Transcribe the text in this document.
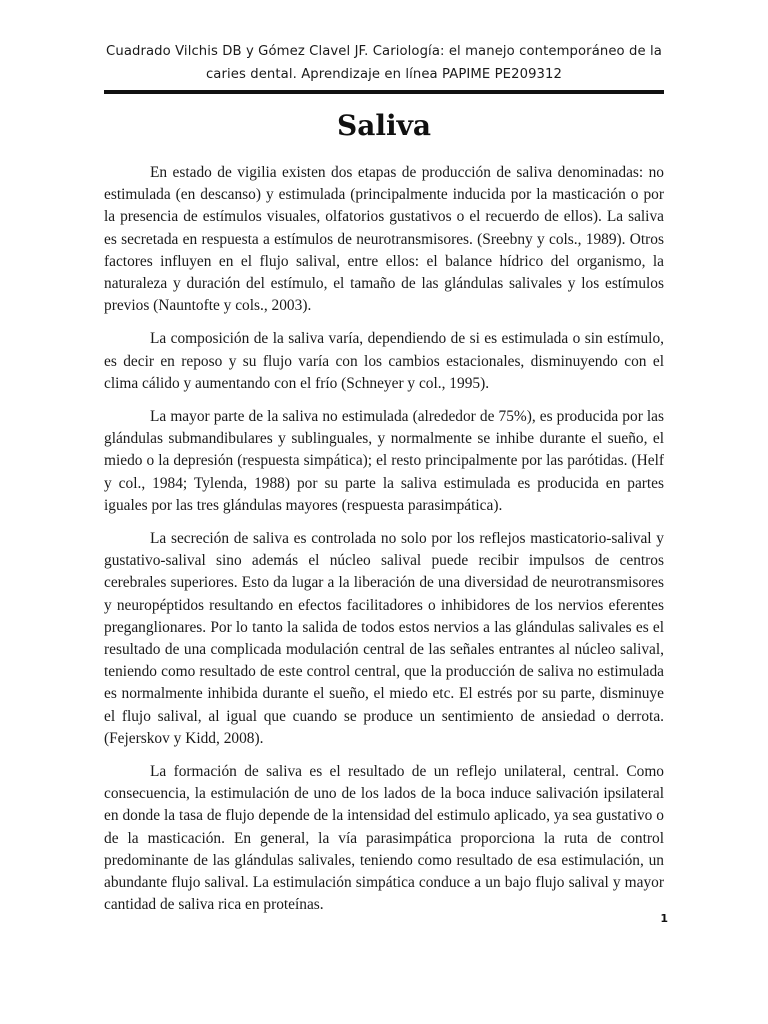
Cuadrado Vilchis DB y Gómez Clavel JF. Cariología: el manejo contemporáneo de la
caries dental. Aprendizaje en línea PAPIME PE209312
Saliva

En estado de vigilia existen dos etapas de producción de saliva denominadas: no estimulada (en descanso) y estimulada (principalmente inducida por la masticación o por la presencia de estímulos visuales, olfatorios gustativos o el recuerdo de ellos). La saliva es secretada en respuesta a estímulos de neurotransmisores. (Sreebny y cols., 1989). Otros factores influyen en el flujo salival, entre ellos: el balance hídrico del organismo, la naturaleza y duración del estímulo, el tamaño de las glándulas salivales y los estímulos previos (Nauntofte y cols., 2003).

La composición de la saliva varía, dependiendo de si es estimulada o sin estímulo, es decir en reposo y su flujo varía con los cambios estacionales, disminuyendo con el clima cálido y aumentando con el frío (Schneyer y col., 1995).

La mayor parte de la saliva no estimulada (alrededor de 75%), es producida por las glándulas submandibulares y sublinguales, y normalmente se inhibe durante el sueño, el miedo o la depresión (respuesta simpática); el resto principalmente por las parótidas. (Helf y col., 1984; Tylenda, 1988) por su parte la saliva estimulada es producida en partes iguales por las tres glándulas mayores (respuesta parasimpática).

La secreción de saliva es controlada no solo por los reflejos masticatorio-salival y gustativo-salival sino además el núcleo salival puede recibir impulsos de centros cerebrales superiores. Esto da lugar a la liberación de una diversidad de neurotransmisores y neuropéptidos resultando en efectos facilitadores o inhibidores de los nervios eferentes preganglionares. Por lo tanto la salida de todos estos nervios a las glándulas salivales es el resultado de una complicada modulación central de las señales entrantes al núcleo salival, teniendo como resultado de este control central, que la producción de saliva no estimulada es normalmente inhibida durante el sueño, el miedo etc. El estrés por su parte, disminuye el flujo salival, al igual que cuando se produce un sentimiento de ansiedad o derrota. (Fejerskov y Kidd, 2008).

La formación de saliva es el resultado de un reflejo unilateral, central. Como consecuencia, la estimulación de uno de los lados de la boca induce salivación ipsilateral en donde la tasa de flujo depende de la intensidad del estimulo aplicado, ya sea gustativo o de la masticación. En general, la vía parasimpática proporciona la ruta de control predominante de las glándulas salivales, teniendo como resultado de esa estimulación, un abundante flujo salival. La estimulación simpática conduce a un bajo flujo salival y mayor cantidad de saliva rica en proteínas.

1
